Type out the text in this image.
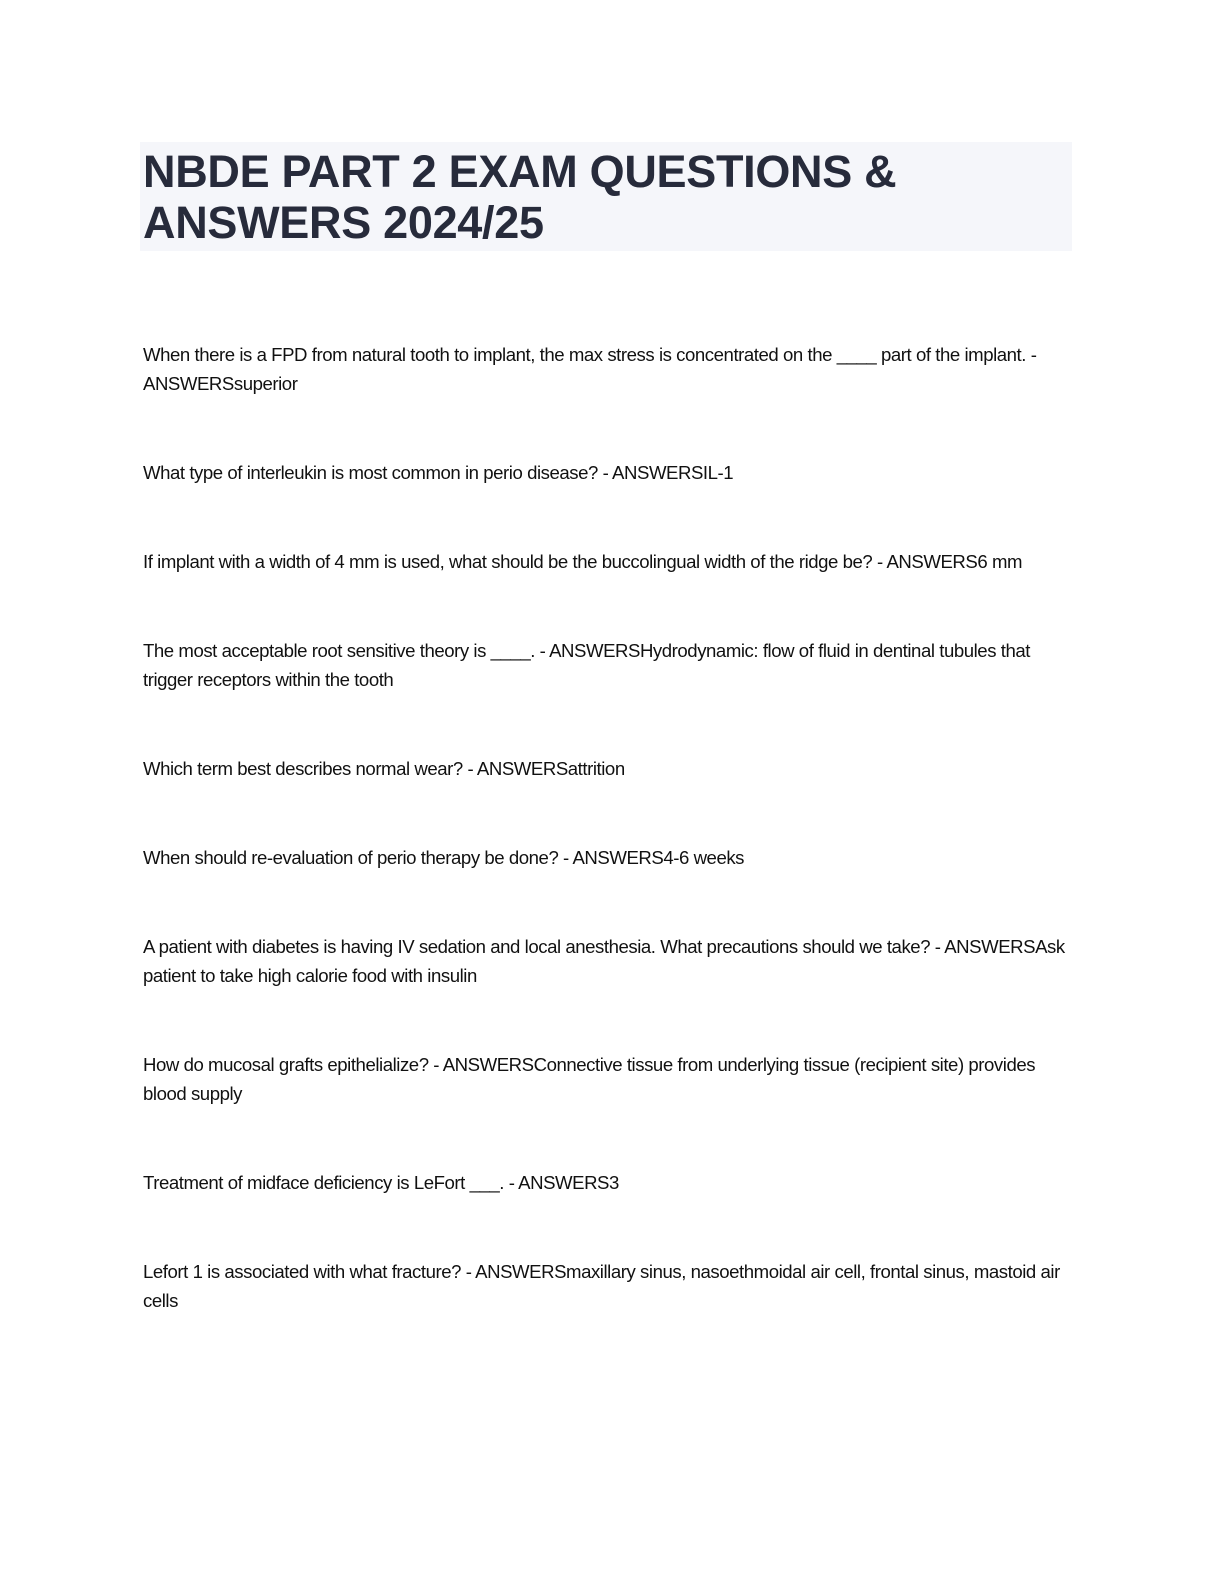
NBDE PART 2 EXAM QUESTIONS & ANSWERS 2024/25

When there is a FPD from natural tooth to implant, the max stress is concentrated on the ____ part of the implant. - ANSWERSsuperior

What type of interleukin is most common in perio disease? - ANSWERSIL-1

If implant with a width of 4 mm is used, what should be the buccolingual width of the ridge be? - ANSWERS6 mm

The most acceptable root sensitive theory is ____. - ANSWERSHydrodynamic: flow of fluid in dentinal tubules that trigger receptors within the tooth

Which term best describes normal wear? - ANSWERSattrition

When should re-evaluation of perio therapy be done? - ANSWERS4-6 weeks

A patient with diabetes is having IV sedation and local anesthesia. What precautions should we take? - ANSWERSAsk patient to take high calorie food with insulin

How do mucosal grafts epithelialize? - ANSWERSConnective tissue from underlying tissue (recipient site) provides blood supply

Treatment of midface deficiency is LeFort ___. - ANSWERS3

Lefort 1 is associated with what fracture? - ANSWERSmaxillary sinus, nasoethmoidal air cell, frontal sinus, mastoid air cells
